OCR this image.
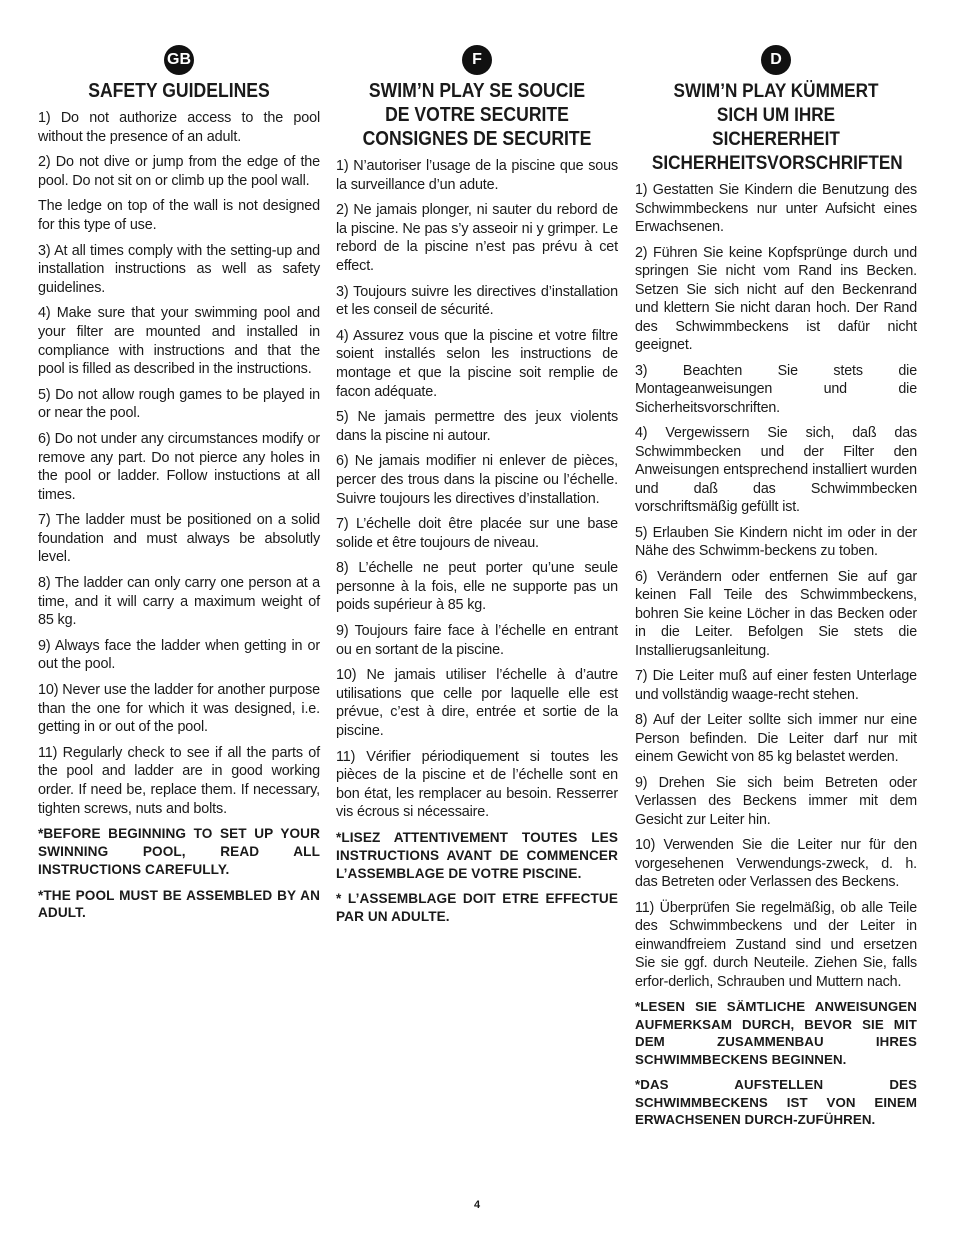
GB
SAFETY GUIDELINES

1) Do not authorize access to the pool without the presence of an adult.

2) Do not dive or jump from the edge of the pool. Do not sit on or climb up the pool wall.

The ledge on top of the wall is not designed for this type of use.

3) At all times comply with the setting-up and installation instructions as well as safety guidelines.

4) Make sure that your swimming pool and your filter are mounted and installed in compliance with instructions and that the pool is filled as described in the instructions.

5) Do not allow rough games to be played in or near the pool.

6) Do not under any circumstances modify or remove any part. Do not pierce any holes in the pool or ladder. Follow instuctions at all times.

7) The ladder must be positioned on a solid foundation and must always be absolutly level.

8) The ladder can only carry one person at a time, and it will carry a maximum weight of 85 kg.

9) Always face the ladder when getting in or out the pool.

10) Never use the ladder for another purpose than the one for which it was designed, i.e. getting in or out of the pool.

11) Regularly check to see if all the parts of the pool and ladder are in good working order. If need be, replace them. If necessary, tighten screws, nuts and bolts.

*BEFORE BEGINNING TO SET UP YOUR SWINNING POOL, READ ALL INSTRUCTIONS CAREFULLY.

*THE POOL MUST BE ASSEMBLED BY AN ADULT.

F
SWIM’N PLAY SE SOUCIE
DE VOTRE SECURITE
CONSIGNES DE SECURITE

1) N’autoriser l’usage de la piscine que sous la surveillance d’un adute.

2) Ne jamais plonger, ni sauter du rebord de la piscine. Ne pas s’y asseoir ni y grimper. Le rebord de la piscine n’est pas prévu à cet effect.

3) Toujours suivre les directives d’installation et les conseil de sécurité.

4) Assurez vous que la piscine et votre filtre soient installés selon les instructions de montage et que la piscine soit remplie de facon adéquate.

5) Ne jamais permettre des jeux violents dans la piscine ni autour.

6) Ne jamais modifier ni enlever de pièces, percer des trous dans la piscine ou l’échelle. Suivre toujours les directives d’installation.

7) L’échelle doit être placée sur une base solide et être toujours de niveau.

8) L’échelle ne peut porter qu’une seule personne à la fois, elle ne supporte pas un poids supérieur à 85 kg.

9) Toujours faire face à l’échelle en entrant ou en sortant de la piscine.

10) Ne jamais utiliser l’échelle à d’autre utilisations que celle por laquelle elle est prévue, c’est à dire, entrée et sortie de la piscine.

11) Vérifier périodiquement si toutes les pièces de la piscine et de l’échelle sont en bon état, les remplacer au besoin. Resserrer vis écrous si nécessaire.

*LISEZ ATTENTIVEMENT TOUTES LES INSTRUCTIONS AVANT DE COMMENCER L’ASSEMBLAGE DE VOTRE PISCINE.

* L’ASSEMBLAGE DOIT ETRE EFFECTUE PAR UN ADULTE.

D
SWIM’N PLAY KÜMMERT
SICH UM IHRE SICHERERHEIT
SICHERHEITSVORSCHRIFTEN

1) Gestatten Sie Kindern die Benutzung des Schwimmbeckens nur unter Aufsicht eines Erwachsenen.

2) Führen Sie keine Kopfsprünge durch und springen Sie nicht vom Rand ins Becken. Setzen Sie sich nicht auf den Beckenrand und klettern Sie nicht daran hoch. Der Rand des Schwimmbeckens ist dafür nicht geeignet.

3) Beachten Sie stets die Montageanweisungen und die Sicherheitsvorschriften.

4) Vergewissern Sie sich, daß das Schwimmbecken und der Filter den Anweisungen entsprechend installiert wurden und daß das Schwimmbecken vorschriftsmäßig gefüllt ist.

5) Erlauben Sie Kindern nicht im oder in der Nähe des Schwimm-beckens zu toben.

6) Verändern oder entfernen Sie auf gar keinen Fall Teile des Schwimmbeckens, bohren Sie keine Löcher in das Becken oder in die Leiter. Befolgen Sie stets die Installierugsanleitung.

7) Die Leiter muß auf einer festen Unterlage und vollständig waage-recht stehen.

8) Auf der Leiter sollte sich immer nur eine Person befinden. Die Leiter darf nur mit einem Gewicht von 85 kg belastet werden.

9) Drehen Sie sich beim Betreten oder Verlassen des Beckens immer mit dem Gesicht zur Leiter hin.

10) Verwenden Sie die Leiter nur für den vorgesehenen Verwendungs-zweck, d. h. das Betreten oder Verlassen des Beckens.

11) Überprüfen Sie regelmäßig, ob alle Teile des Schwimmbeckens und der Leiter in einwandfreiem Zustand sind und ersetzen Sie sie ggf. durch Neuteile. Ziehen Sie, falls erfor-derlich, Schrauben und Muttern nach.

*LESEN SIE SÄMTLICHE ANWEISUNGEN AUFMERKSAM DURCH, BEVOR SIE MIT DEM ZUSAMMENBAU IHRES SCHWIMMBECKENS BEGINNEN.

*DAS AUFSTELLEN DES SCHWIMMBECKENS IST VON EINEM ERWACHSENEN DURCH-ZUFÜHREN.

4
